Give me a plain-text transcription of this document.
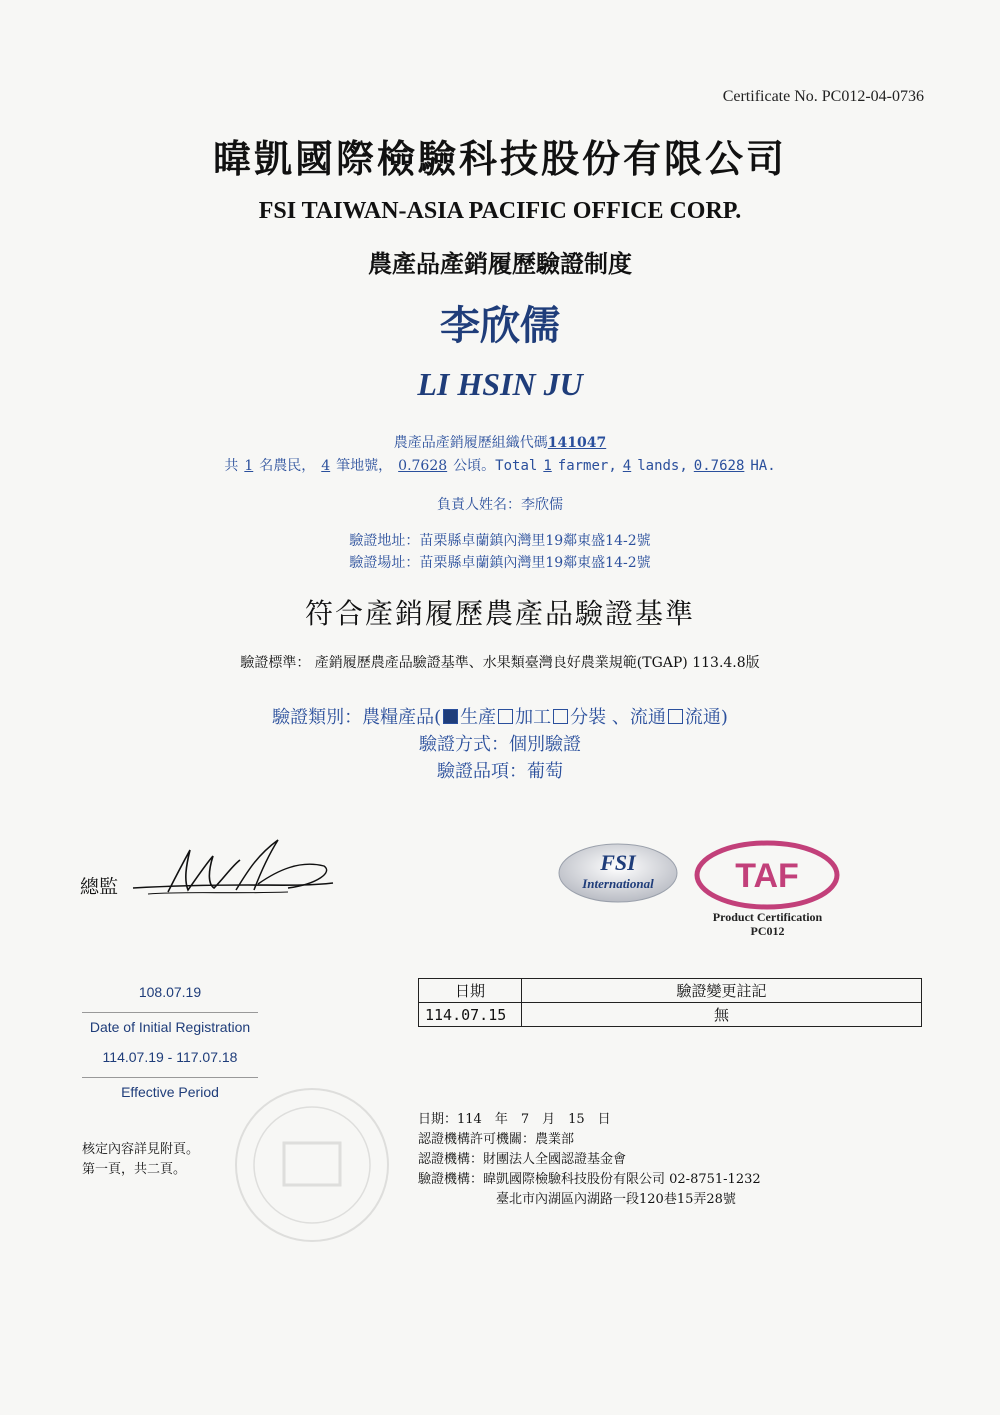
Certificate No. PC012-04-0736
暐凱國際檢驗科技股份有限公司
FSI TAIWAN-ASIA PACIFIC OFFICE CORP.
農產品產銷履歷驗證制度
李欣儒
LI HSIN JU
農產品產銷履歷組織代碼141047
共 1 名農民， 4 筆地號， 0.7628 公頃。Total 1 farmer, 4 lands, 0.7628 HA.
負責人姓名：李欣儒
驗證地址：苗栗縣卓蘭鎮內灣里19鄰東盛14-2號
驗證場址：苗栗縣卓蘭鎮內灣里19鄰東盛14-2號
符合產銷履歷農產品驗證基準
驗證標準： 產銷履歷農產品驗證基準、水果類臺灣良好農業規範(TGAP) 113.4.8版
驗證類別：農糧產品( 生產 加工 分裝 、流通 流通)
驗證方式：個別驗證
驗證品項：葡萄
總監
FSI
International TAF
Product Certification
PC012
108.07.19
Date of Initial Registration
114.07.19 - 117.07.18
Effective Period
日期	驗證變更註記
114.07.15	無
核定內容詳見附頁。
第一頁，共二頁。
日期：114　年　7　月　15　日
認證機構許可機關：農業部
認證機構：財團法人全國認證基金會
驗證機構：暐凱國際檢驗科技股份有限公司 02-8751-1232
臺北市內湖區內湖路一段120巷15弄28號
